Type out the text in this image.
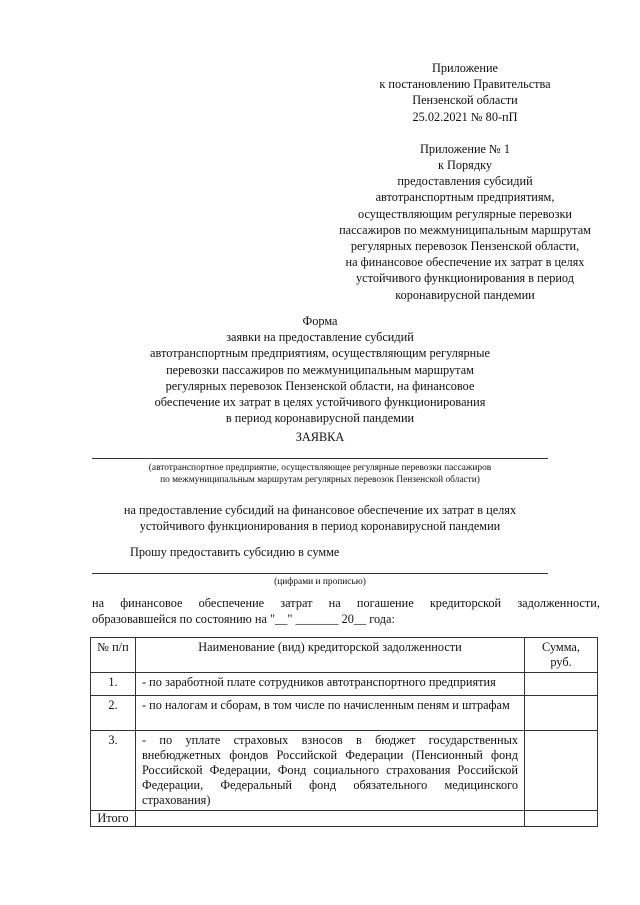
Приложение
к постановлению Правительства
Пензенской области
25.02.2021 № 80-пП
Приложение № 1
к Порядку
предоставления субсидий
автотранспортным предприятиям,
осуществляющим регулярные перевозки
пассажиров по межмуниципальным маршрутам
регулярных перевозок Пензенской области,
на финансовое обеспечение их затрат в целях
устойчивого функционирования в период
коронавирусной пандемии
Форма
заявки на предоставление субсидий
автотранспортным предприятиям, осуществляющим регулярные
перевозки пассажиров по межмуниципальным маршрутам
регулярных перевозок Пензенской области, на финансовое
обеспечение их затрат в целях устойчивого функционирования
в период коронавирусной пандемии
ЗАЯВКА
(автотранспортное предприятие, осуществляющее регулярные перевозки пассажиров
по межмуниципальным маршрутам регулярных перевозок Пензенской области)
на предоставление субсидий на финансовое обеспечение их затрат в целях
устойчивого функционирования в период коронавирусной пандемии
Прошу предоставить субсидию в сумме
(цифрами и прописью)
на финансовое обеспечение затрат на погашение кредиторской задолженности,
образовавшейся по состоянию на "__" _______ 20__ года:
№ п/п	Наименование (вид) кредиторской задолженности	Сумма, руб.
1.	- по заработной плате сотрудников автотранспортного предприятия	
2.	- по налогам и сборам, в том числе по начисленным пеням и штрафам	
3.	- по уплате страховых взносов в бюджет государственных внебюджетных фондов Российской Федерации (Пенсионный фонд Российской Федерации, Фонд социального страхования Российской Федерации, Федеральный фонд обязательного медицинского страхования)	
Итого		
